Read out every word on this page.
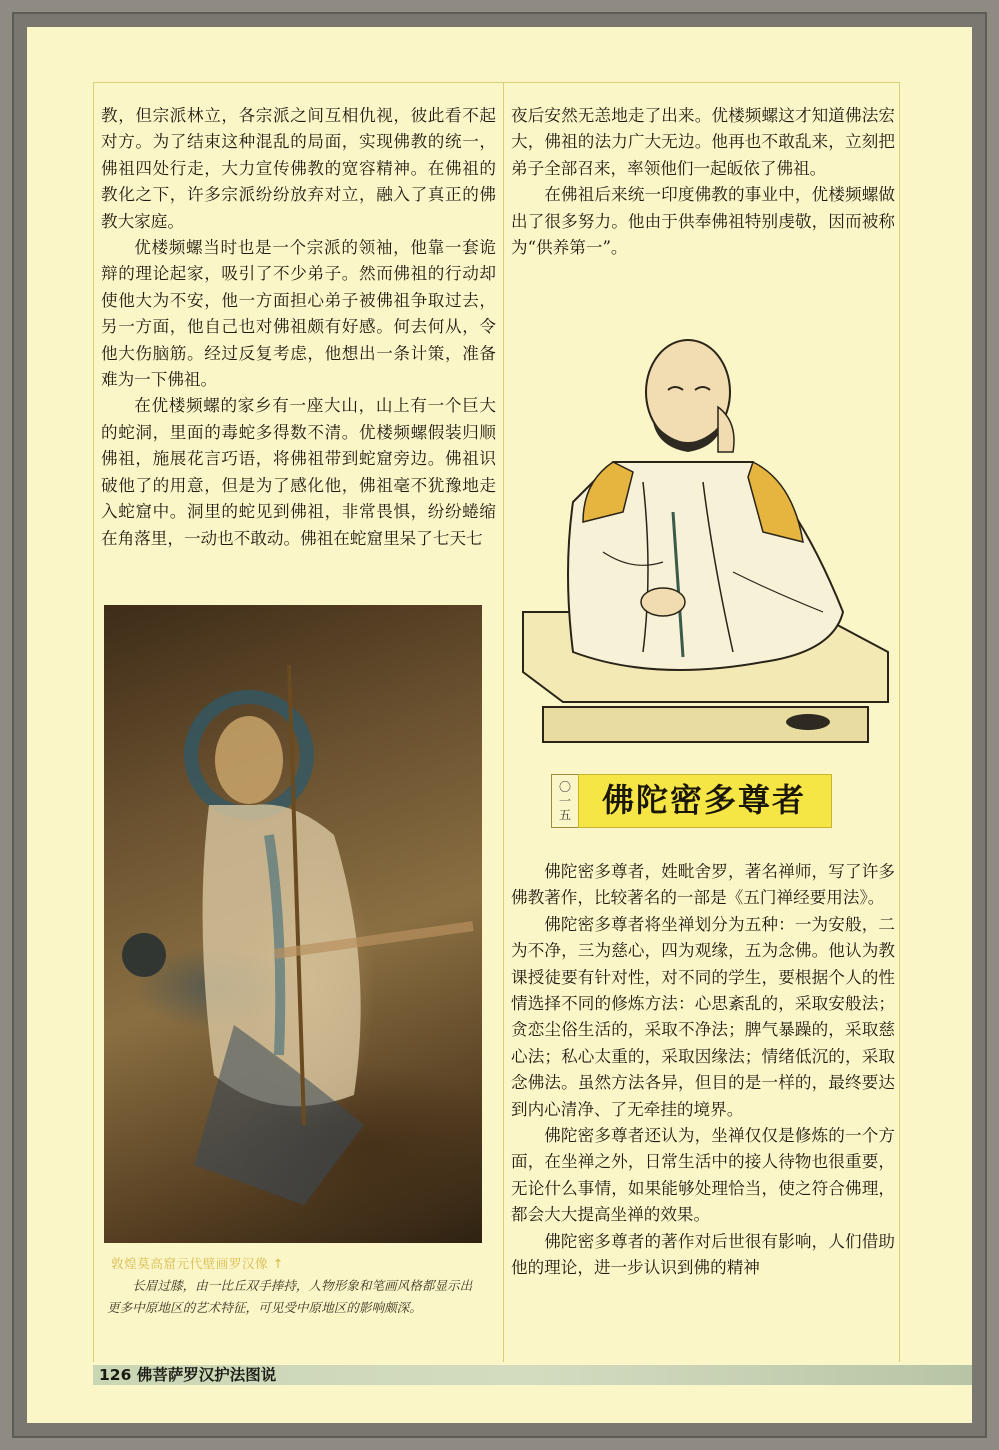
教，但宗派林立，各宗派之间互相仇视，彼此看不起对方。为了结束这种混乱的局面，实现佛教的统一，佛祖四处行走，大力宣传佛教的宽容精神。在佛祖的教化之下，许多宗派纷纷放弃对立，融入了真正的佛教大家庭。

优楼频螺当时也是一个宗派的领袖，他靠一套诡辩的理论起家，吸引了不少弟子。然而佛祖的行动却使他大为不安，他一方面担心弟子被佛祖争取过去，另一方面，他自己也对佛祖颇有好感。何去何从，令他大伤脑筋。经过反复考虑，他想出一条计策，准备难为一下佛祖。

在优楼频螺的家乡有一座大山，山上有一个巨大的蛇洞，里面的毒蛇多得数不清。优楼频螺假装归顺佛祖，施展花言巧语，将佛祖带到蛇窟旁边。佛祖识破他了的用意，但是为了感化他，佛祖毫不犹豫地走入蛇窟中。洞里的蛇见到佛祖，非常畏惧，纷纷蜷缩在角落里，一动也不敢动。佛祖在蛇窟里呆了七天七

夜后安然无恙地走了出来。优楼频螺这才知道佛法宏大，佛祖的法力广大无边。他再也不敢乱来，立刻把弟子全部召来，率领他们一起皈依了佛祖。

在佛祖后来统一印度佛教的事业中，优楼频螺做出了很多努力。他由于供奉佛祖特别虔敬，因而被称为“供养第一”。

〇
一
五 佛陀密多尊者

佛陀密多尊者，姓毗舍罗，著名禅师，写了许多佛教著作，比较著名的一部是《五门禅经要用法》。

佛陀密多尊者将坐禅划分为五种：一为安般，二为不净，三为慈心，四为观缘，五为念佛。他认为教课授徒要有针对性，对不同的学生，要根据个人的性情选择不同的修炼方法：心思紊乱的，采取安般法；贪恋尘俗生活的，采取不净法；脾气暴躁的，采取慈心法；私心太重的，采取因缘法；情绪低沉的，采取念佛法。虽然方法各异，但目的是一样的，最终要达到内心清净、了无牵挂的境界。

佛陀密多尊者还认为，坐禅仅仅是修炼的一个方面，在坐禅之外，日常生活中的接人待物也很重要，无论什么事情，如果能够处理恰当，使之符合佛理，都会大大提高坐禅的效果。

佛陀密多尊者的著作对后世很有影响，人们借助他的理论，进一步认识到佛的精神

敦煌莫高窟元代壁画罗汉像 ↑
长眉过膝，由一比丘双手捧持，人物形象和笔画风格都显示出更多中原地区的艺术特征，可见受中原地区的影响颇深。
126 佛菩萨罗汉护法图说
